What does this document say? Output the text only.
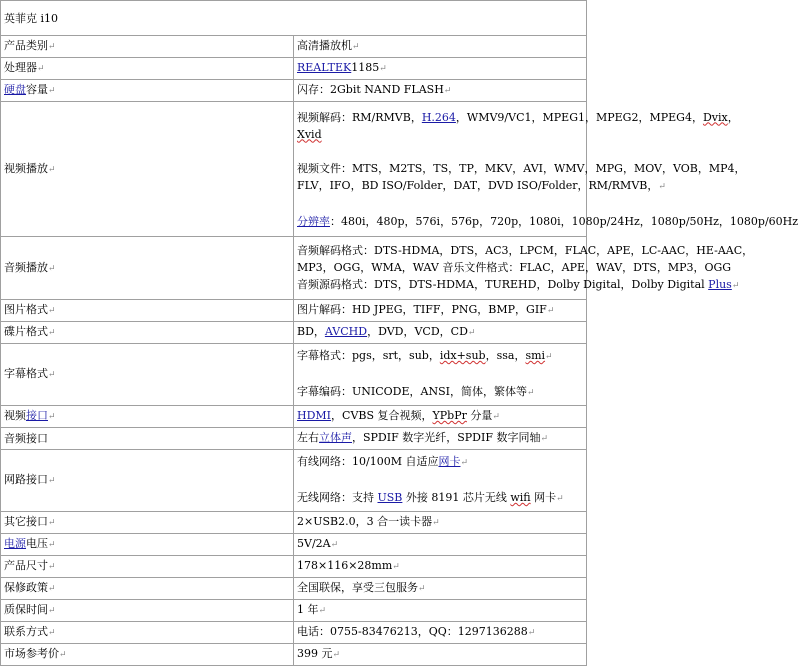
英菲克 i10	
产品类别↵	高清播放机↵
处理器↵	REALTEK1185↵
硬盘容量↵	闪存：2Gbit NAND FLASH↵
视频播放↵	视频解码：RM/RMVB，H.264，WMV9/VC1，MPEG1，MPEG2，MPEG4，Dvix，
Xvid
视频文件：MTS，M2TS，TS，TP，MKV，AVI，WMV，MPG，MOV，VOB，MP4，
FLV，IFO，BD ISO/Folder，DAT，DVD ISO/Folder，RM/RMVB，↵
分辨率：480i，480p，576i，576p，720p，1080i，1080p/24Hz，1080p/50Hz，1080p/60Hz

音频播放↵	音频解码格式：DTS-HDMA，DTS，AC3，LPCM，FLAC，APE，LC-AAC，HE-AAC，
MP3，OGG，WMA，WAV 音乐文件格式：FLAC，APE，WAV，DTS，MP3，OGG
音频源码格式：DTS，DTS-HDMA，TUREHD，Dolby Digital，Dolby Digital Plus↵

图片格式↵	图片解码：HD JPEG，TIFF，PNG，BMP，GIF↵
碟片格式↵	BD，AVCHD，DVD，VCD，CD↵
字幕格式↵	字幕格式：pgs，srt，sub，idx+sub，ssa，smi↵
字幕编码：UNICODE，ANSI，简体，繁体等↵

视频接口↵	HDMI，CVBS 复合视频，YPbPr 分量↵
音频接口	左右立体声，SPDIF 数字光纤，SPDIF 数字同轴↵
网路接口↵	有线网络：10/100M 自适应网卡↵
无线网络：支持 USB 外接 8191 芯片无线 wifi 网卡↵

其它接口↵	2×USB2.0，3 合一读卡器↵
电源电压↵	5V/2A↵
产品尺寸↵	178×116×28mm↵
保修政策↵	全国联保，享受三包服务↵
质保时间↵	1 年↵
联系方式↵	电话：0755-83476213，QQ：1297136288↵
市场参考价↵	399 元↵
